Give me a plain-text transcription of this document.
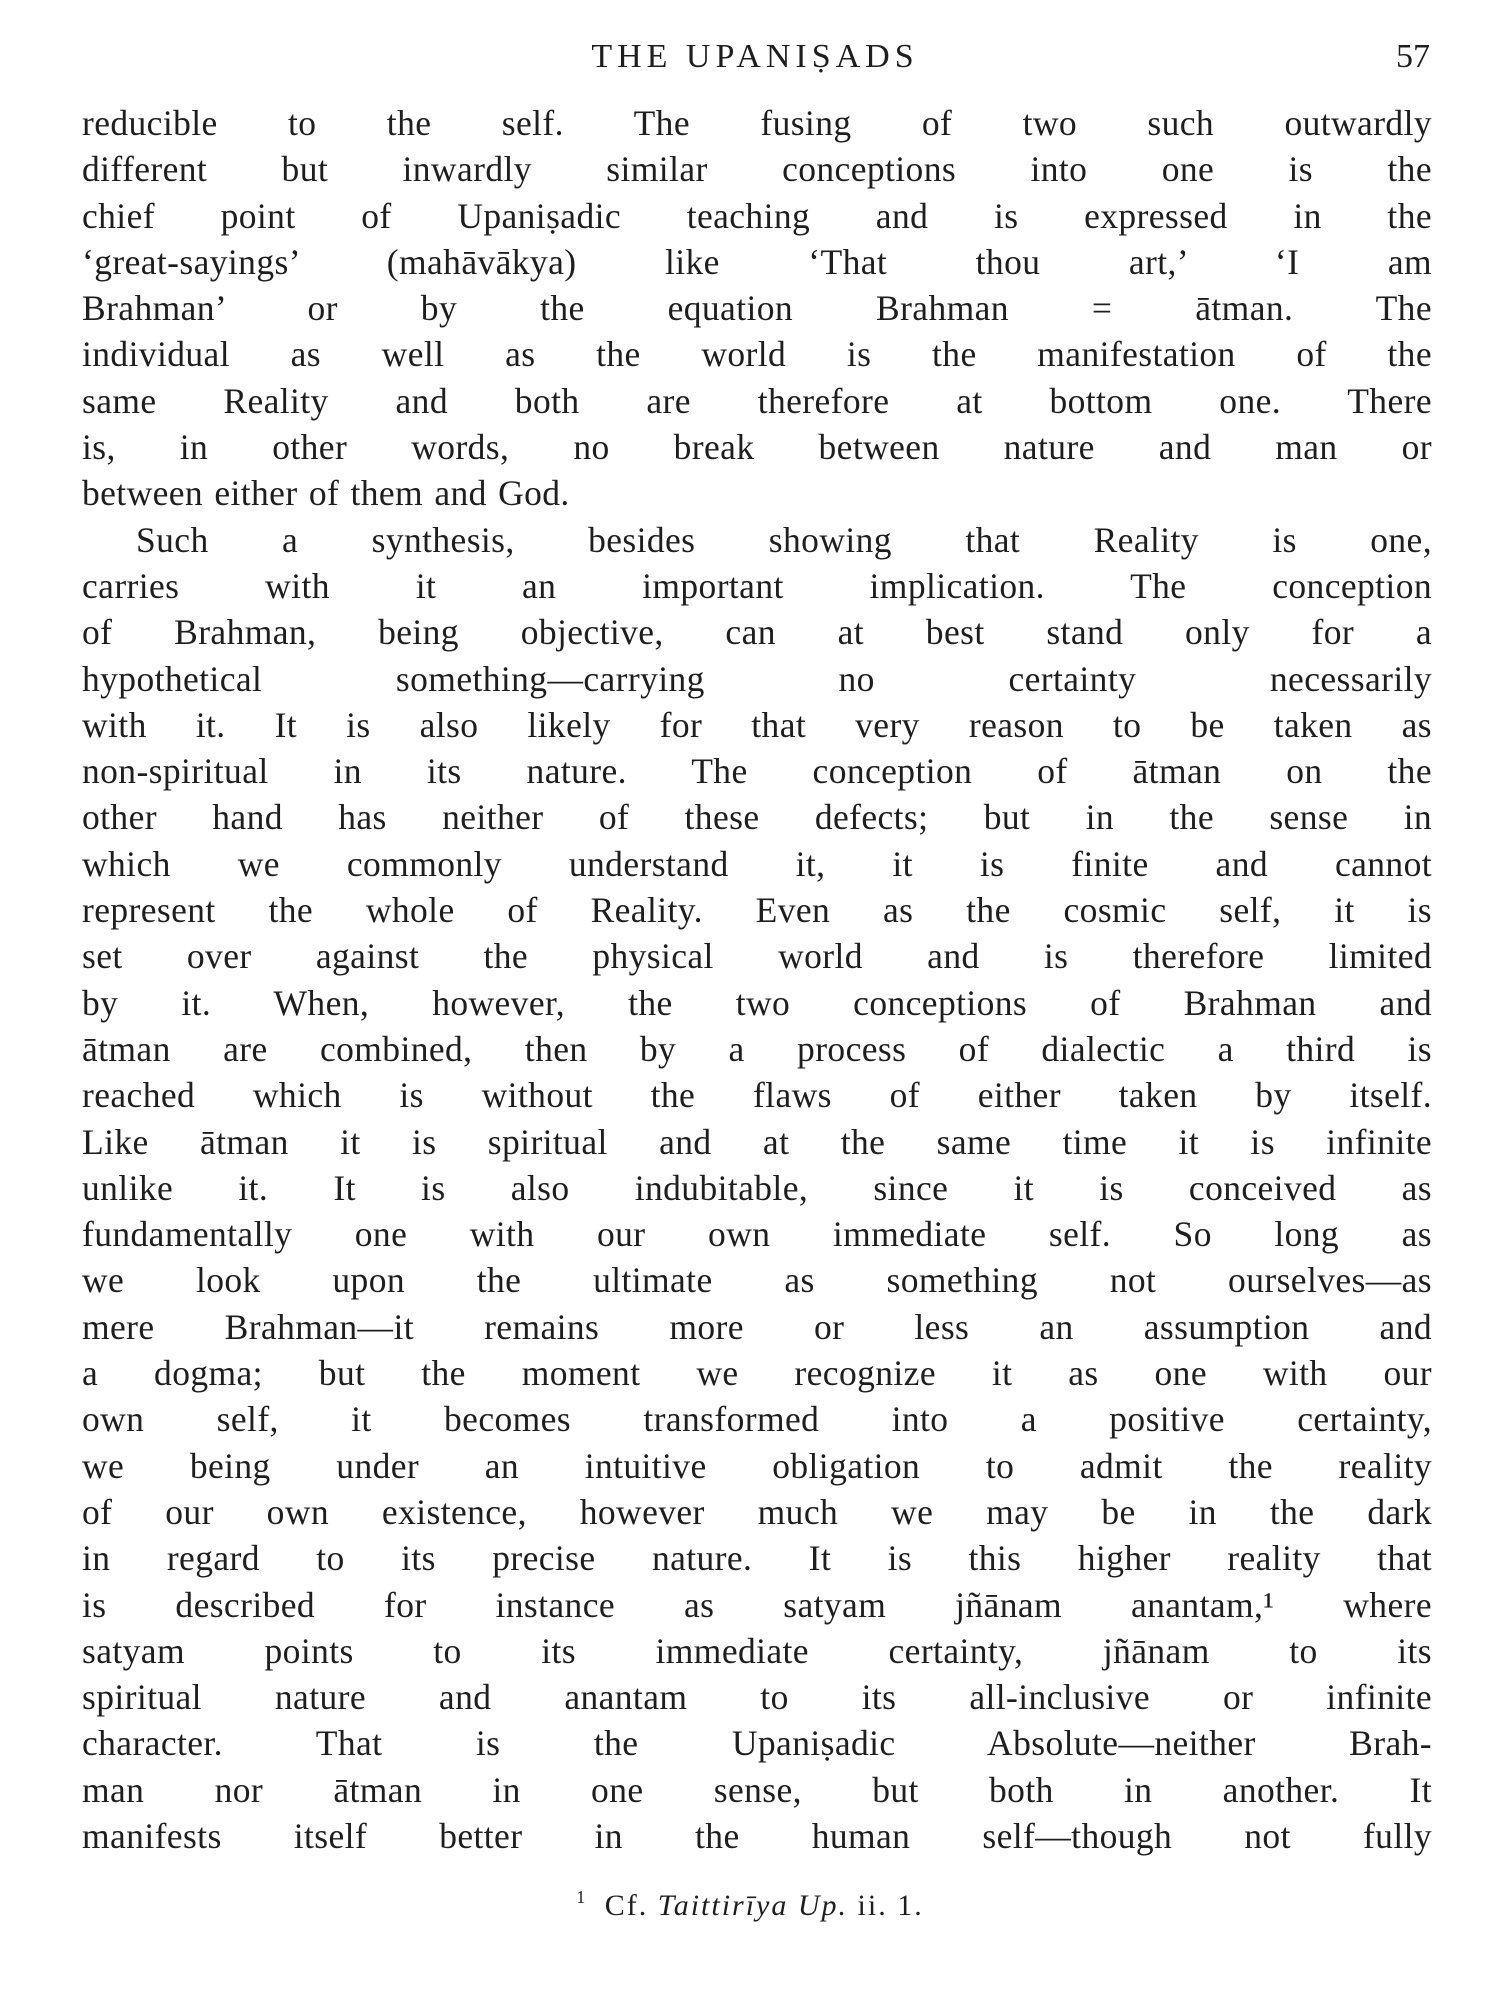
THE UPANIṢADS	57
reducible to the self. The fusing of two such outwardly
different but inwardly similar conceptions into one is the
chief point of Upaniṣadic teaching and is expressed in the
‘great-sayings’ (mahāvākya) like ‘That thou art,’ ‘I am
Brahman’ or by the equation Brahman = ātman. The
individual as well as the world is the manifestation of the
same Reality and both are therefore at bottom one. There
is, in other words, no break between nature and man or
between either of them and God.
Such a synthesis, besides showing that Reality is one,
carries with it an important implication. The conception
of Brahman, being objective, can at best stand only for a
hypothetical something—carrying no certainty necessarily
with it. It is also likely for that very reason to be taken as
non-spiritual in its nature. The conception of ātman on the
other hand has neither of these defects; but in the sense in
which we commonly understand it, it is finite and cannot
represent the whole of Reality. Even as the cosmic self, it is
set over against the physical world and is therefore limited
by it. When, however, the two conceptions of Brahman and
ātman are combined, then by a process of dialectic a third is
reached which is without the flaws of either taken by itself.
Like ātman it is spiritual and at the same time it is infinite
unlike it. It is also indubitable, since it is conceived as
fundamentally one with our own immediate self. So long as
we look upon the ultimate as something not ourselves—as
mere Brahman—it remains more or less an assumption and
a dogma; but the moment we recognize it as one with our
own self, it becomes transformed into a positive certainty,
we being under an intuitive obligation to admit the reality
of our own existence, however much we may be in the dark
in regard to its precise nature. It is this higher reality that
is described for instance as satyam jñānam anantam,¹ where
satyam points to its immediate certainty, jñānam to its
spiritual nature and anantam to its all-inclusive or infinite
character. That is the Upaniṣadic Absolute—neither Brah-
man nor ātman in one sense, but both in another. It
manifests itself better in the human self—though not fully
$^1$ Cf. Taittirīya Up. ii. 1.
